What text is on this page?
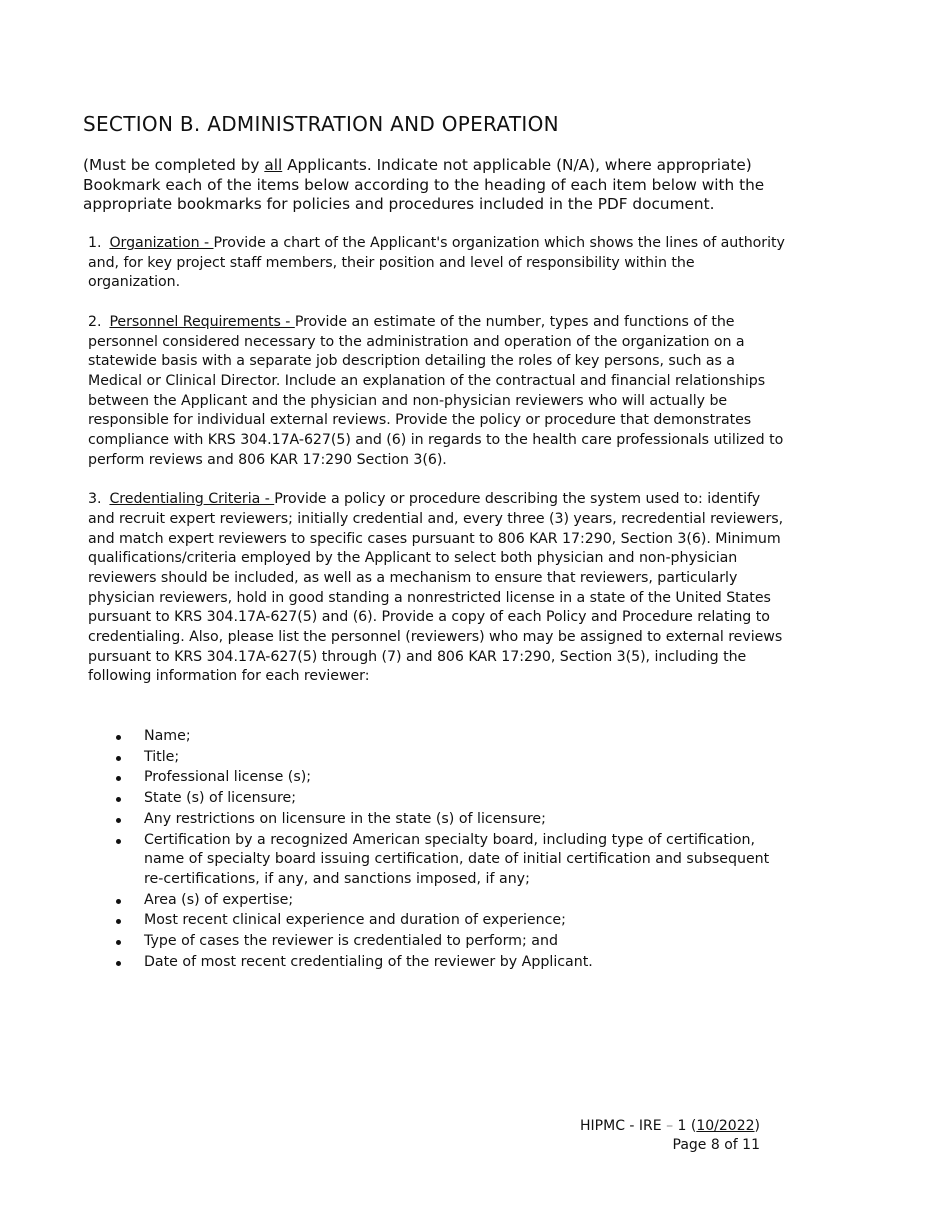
SECTION B. ADMINISTRATION AND OPERATION
(Must be completed by all Applicants. Indicate not applicable (N/A), where appropriate) Bookmark each of the items below according to the heading of each item below with the appropriate bookmarks for policies and procedures included in the PDF document.

1. Organization - Provide a chart of the Applicant's organization which shows the lines of authority and, for key project staff members, their position and level of responsibility within the organization.

2. Personnel Requirements - Provide an estimate of the number, types and functions of the personnel considered necessary to the administration and operation of the organization on a statewide basis with a separate job description detailing the roles of key persons, such as a Medical or Clinical Director. Include an explanation of the contractual and financial relationships between the Applicant and the physician and non-physician reviewers who will actually be responsible for individual external reviews. Provide the policy or procedure that demonstrates compliance with KRS 304.17A-627(5) and (6) in regards to the health care professionals utilized to perform reviews and 806 KAR 17:290 Section 3(6).

3. Credentialing Criteria - Provide a policy or procedure describing the system used to: identify and recruit expert reviewers; initially credential and, every three (3) years, recredential reviewers, and match expert reviewers to specific cases pursuant to 806 KAR 17:290, Section 3(6). Minimum qualifications/criteria employed by the Applicant to select both physician and non-physician reviewers should be included, as well as a mechanism to ensure that reviewers, particularly physician reviewers, hold in good standing a nonrestricted license in a state of the United States pursuant to KRS 304.17A-627(5) and (6). Provide a copy of each Policy and Procedure relating to credentialing. Also, please list the personnel (reviewers) who may be assigned to external reviews pursuant to KRS 304.17A-627(5) through (7) and 806 KAR 17:290, Section 3(5), including the following information for each reviewer:

Name;
Title;
Professional license (s);
State (s) of licensure;
Any restrictions on licensure in the state (s) of licensure;
Certification by a recognized American specialty board, including type of certification, name of specialty board issuing certification, date of initial certification and subsequent re-certifications, if any, and sanctions imposed, if any;
Area (s) of expertise;
Most recent clinical experience and duration of experience;
Type of cases the reviewer is credentialed to perform; and
Date of most recent credentialing of the reviewer by Applicant.
HIPMC - IRE – 1 (10/2022)
Page 8 of 11
